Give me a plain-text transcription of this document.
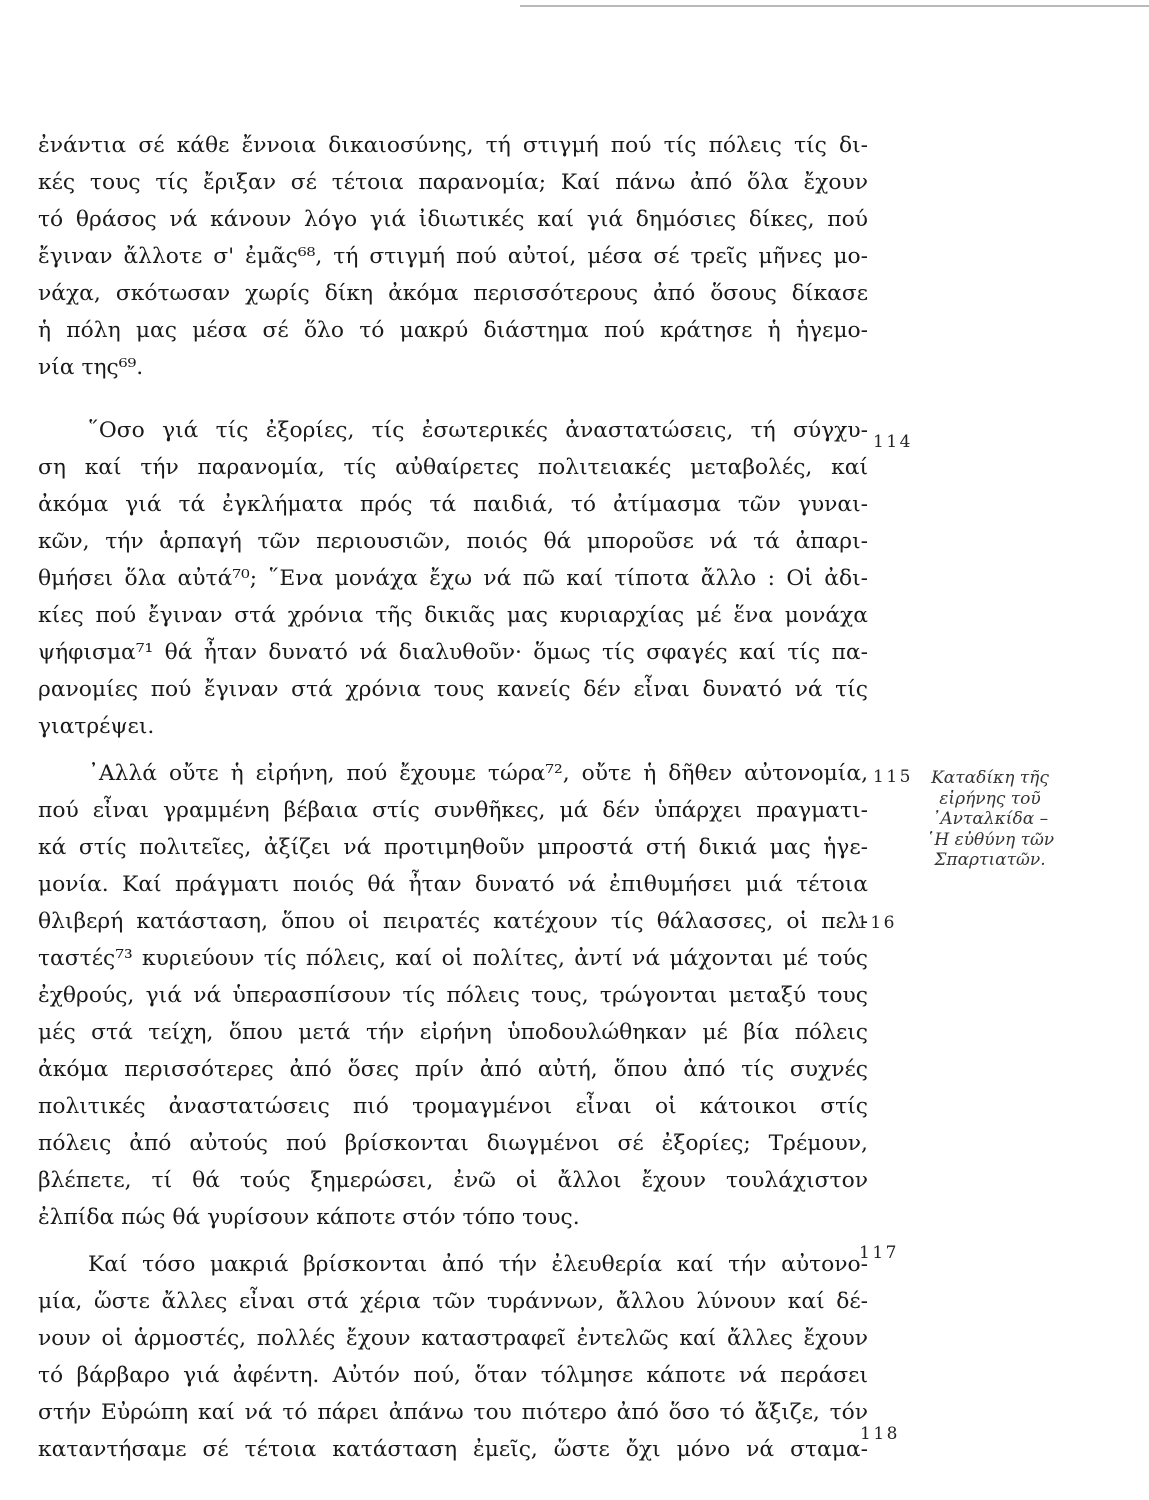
ἐνάντια σέ κάθε ἔννοια δικαιοσύνης, τή στιγμή πού τίς πόλεις τίς δι-
κές τους τίς ἔριξαν σέ τέτοια παρανομία; Καί πάνω ἀπό ὅλα ἔχουν
τό θράσος νά κάνουν λόγο γιά ἰδιωτικές καί γιά δημόσιες δίκες, πού
ἔγιναν ἄλλοτε σ' ἐμᾶς⁶⁸, τή στιγμή πού αὐτοί, μέσα σέ τρεῖς μῆνες μο-
νάχα, σκότωσαν χωρίς δίκη ἀκόμα περισσότερους ἀπό ὅσους δίκασε
ἡ πόλη μας μέσα σέ ὅλο τό μακρύ διάστημα πού κράτησε ἡ ἡγεμο-
νία της⁶⁹.
῞Οσο γιά τίς ἐξορίες, τίς ἐσωτερικές ἀναστατώσεις, τή σύγχυ-
ση καί τήν παρανομία, τίς αὐθαίρετες πολιτειακές μεταβολές, καί
ἀκόμα γιά τά ἐγκλήματα πρός τά παιδιά, τό ἀτίμασμα τῶν γυναι-
κῶν, τήν ἁρπαγή τῶν περιουσιῶν, ποιός θά μποροῦσε νά τά ἀπαρι-
θμήσει ὅλα αὐτά⁷⁰; ῞Ενα μονάχα ἔχω νά πῶ καί τίποτα ἄλλο : Οἱ ἀδι-
κίες πού ἔγιναν στά χρόνια τῆς δικιᾶς μας κυριαρχίας μέ ἕνα μονάχα
ψήφισμα⁷¹ θά ἦταν δυνατό νά διαλυθοῦν· ὅμως τίς σφαγές καί τίς πα-
ρανομίες πού ἔγιναν στά χρόνια τους κανείς δέν εἶναι δυνατό νά τίς
γιατρέψει.
᾿Αλλά οὔτε ἡ εἰρήνη, πού ἔχουμε τώρα⁷², οὔτε ἡ δῆθεν αὐτονομία,
πού εἶναι γραμμένη βέβαια στίς συνθῆκες, μά δέν ὑπάρχει πραγματι-
κά στίς πολιτεῖες, ἀξίζει νά προτιμηθοῦν μπροστά στή δικιά μας ἡγε-
μονία. Καί πράγματι ποιός θά ἦταν δυνατό νά ἐπιθυμήσει μιά τέτοια
θλιβερή κατάσταση, ὅπου οἱ πειρατές κατέχουν τίς θάλασσες, οἱ πελ-
ταστές⁷³ κυριεύουν τίς πόλεις, καί οἱ πολίτες, ἀντί νά μάχονται μέ τούς
ἐχθρούς, γιά νά ὑπερασπίσουν τίς πόλεις τους, τρώγονται μεταξύ τους
μές στά τείχη, ὅπου μετά τήν εἰρήνη ὑποδουλώθηκαν μέ βία πόλεις
ἀκόμα περισσότερες ἀπό ὅσες πρίν ἀπό αὐτή, ὅπου ἀπό τίς συχνές
πολιτικές ἀναστατώσεις πιό τρομαγμένοι εἶναι οἱ κάτοικοι στίς
πόλεις ἀπό αὐτούς πού βρίσκονται διωγμένοι σέ ἐξορίες; Τρέμουν,
βλέπετε, τί θά τούς ξημερώσει, ἐνῶ οἱ ἄλλοι ἔχουν τουλάχιστον
ἐλπίδα πώς θά γυρίσουν κάποτε στόν τόπο τους.
Καί τόσο μακριά βρίσκονται ἀπό τήν ἐλευθερία καί τήν αὐτονο-
μία, ὥστε ἄλλες εἶναι στά χέρια τῶν τυράννων, ἄλλου λύνουν καί δέ-
νουν οἱ ἁρμοστές, πολλές ἔχουν καταστραφεῖ ἐντελῶς καί ἄλλες ἔχουν
τό βάρβαρο γιά ἀφέντη. Αὐτόν πού, ὅταν τόλμησε κάποτε νά περάσει
στήν Εὐρώπη καί νά τό πάρει ἀπάνω του πιότερο ἀπό ὅσο τό ἄξιζε, τόν
καταντήσαμε σέ τέτοια κατάσταση ἐμεῖς, ὥστε ὄχι μόνο νά σταμα-
114
115
116
117
118
Καταδίκη τῆς
εἰρήνης τοῦ
᾿Ανταλκίδα –
῾Η εὐθύνη τῶν
Σπαρτιατῶν.
